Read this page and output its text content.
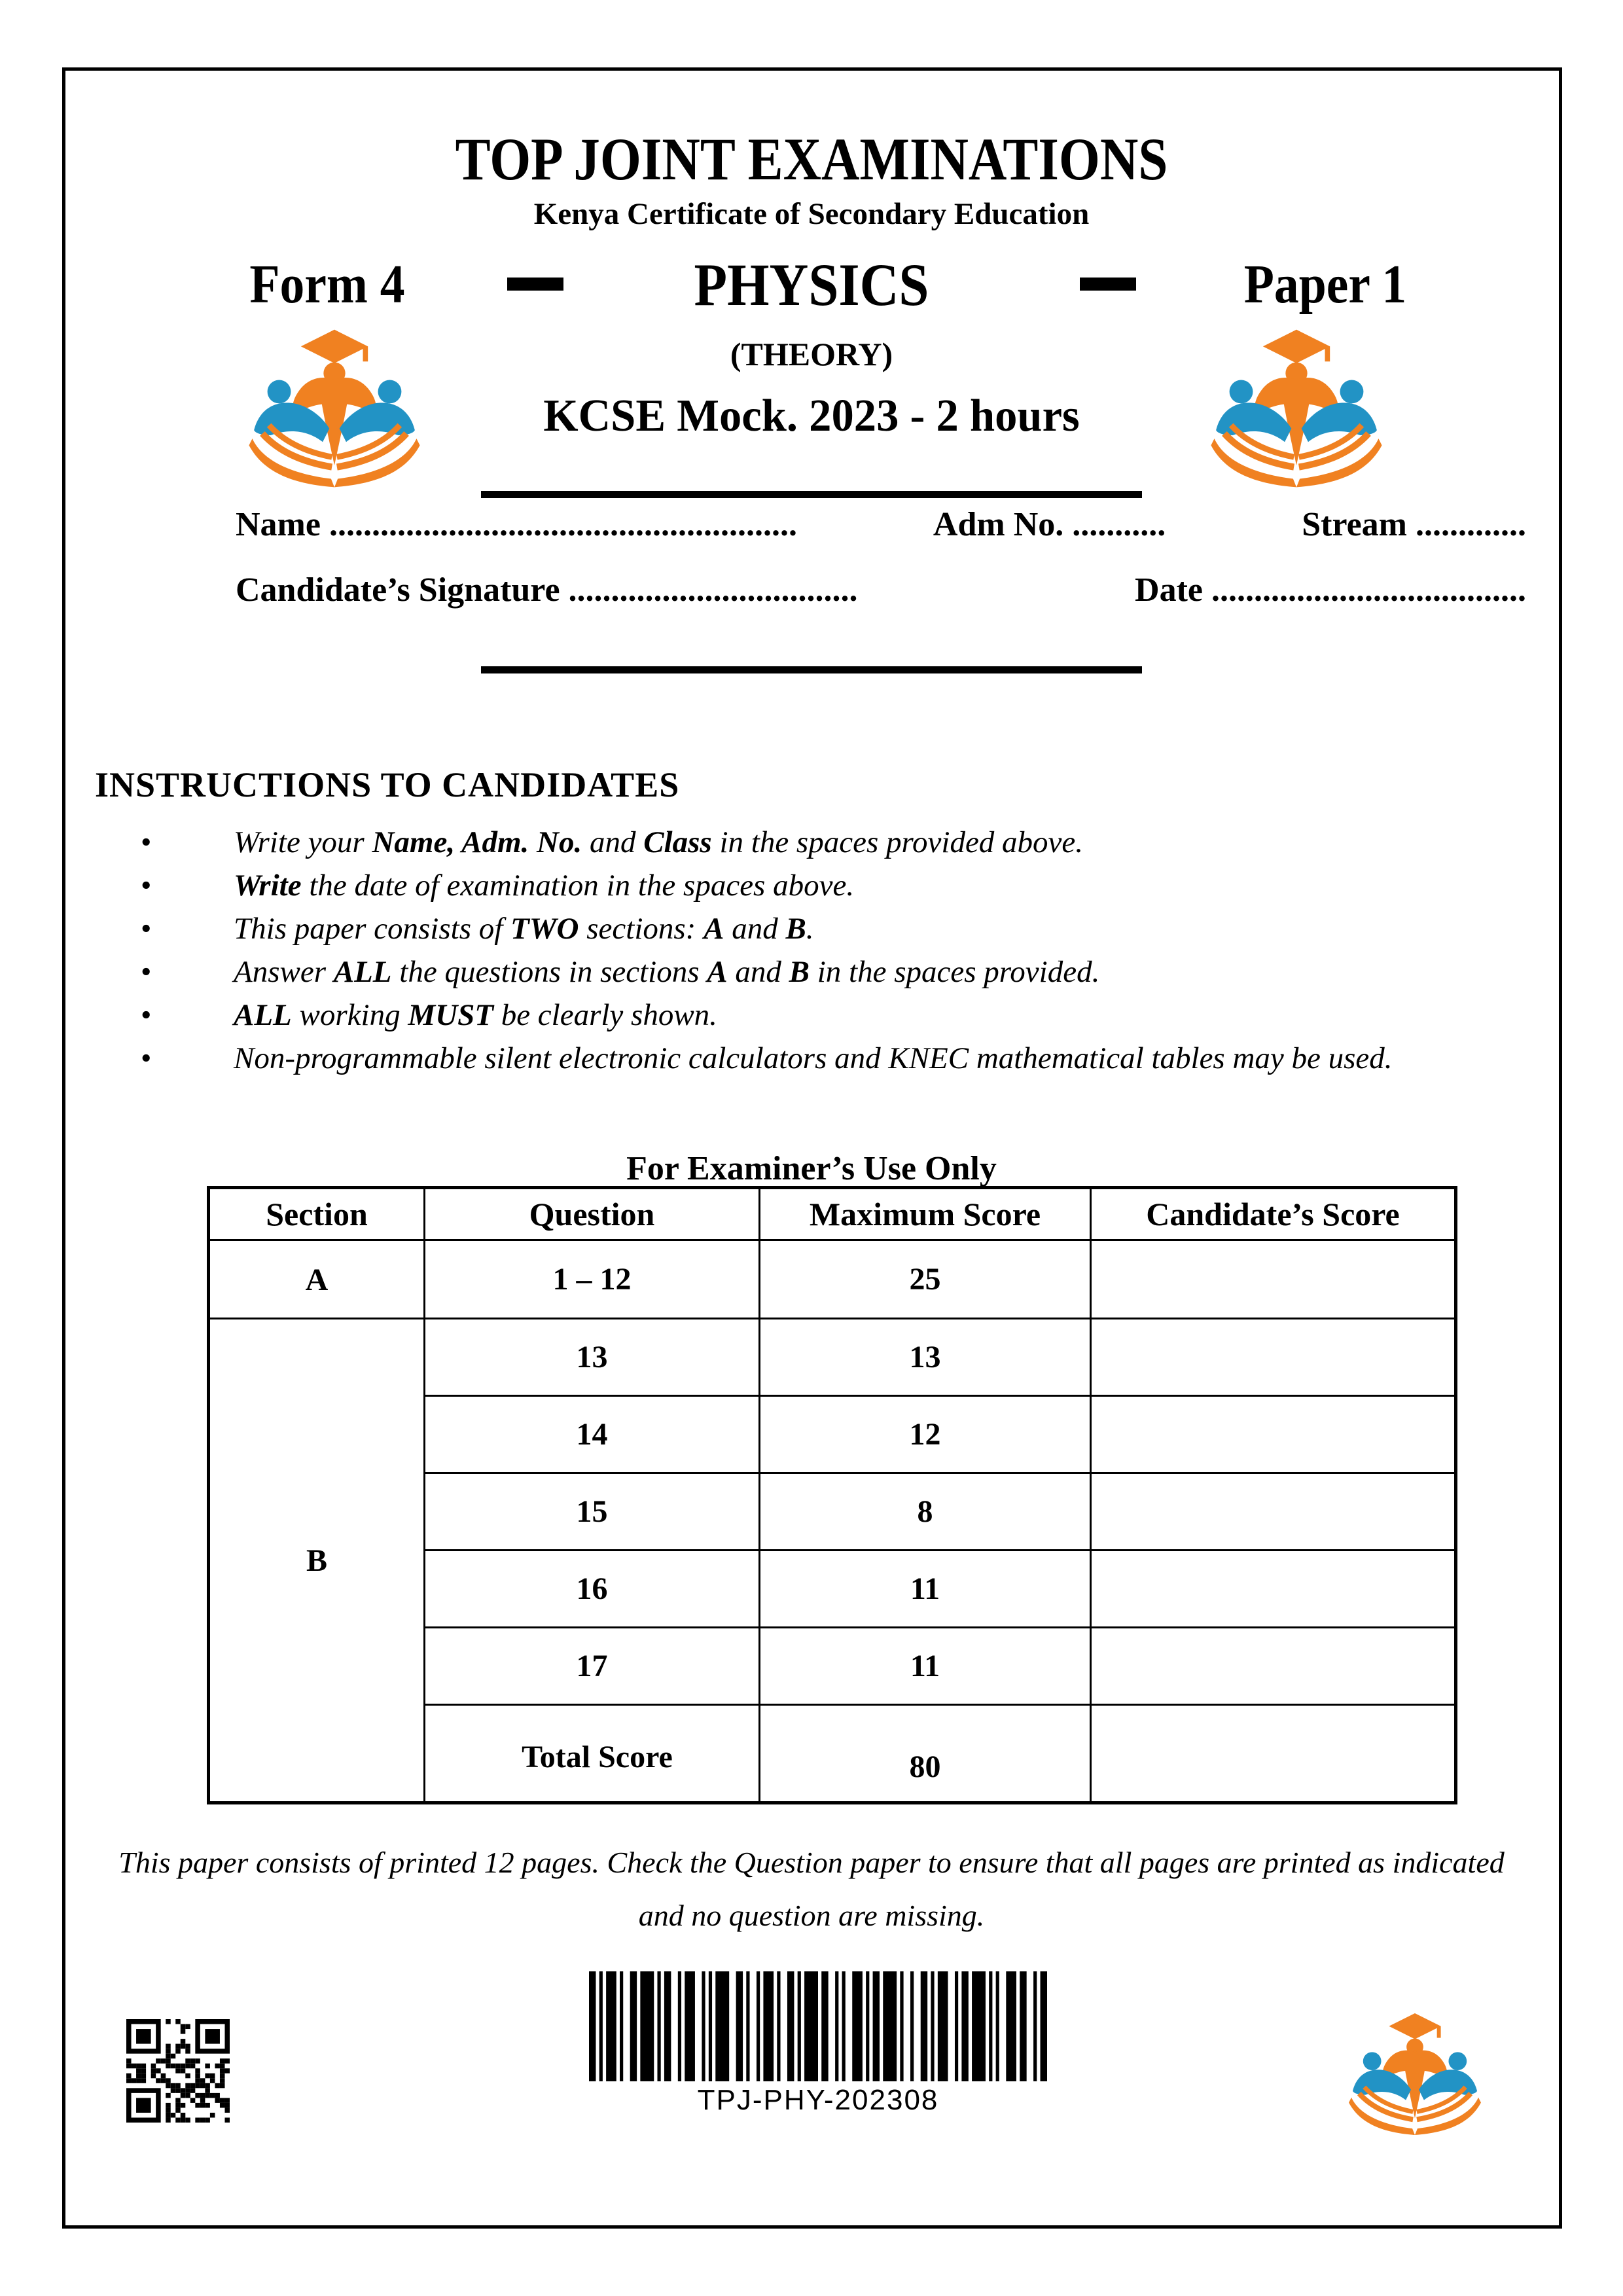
TOP JOINT EXAMINATIONS
Kenya Certificate of Secondary Education
Form 4	Paper 1
PHYSICS
(THEORY)
KCSE Mock. 2023 - 2 hours
Name .......................................................	Adm No. ...........	Stream .............
Candidate’s Signature ..................................	Date .....................................
INSTRUCTIONS TO CANDIDATES
• Write your Name, Adm. No. and Class in the spaces provided above.
• Write the date of examination in the spaces above.
• This paper consists of TWO sections: A and B.
• Answer ALL the questions in sections A and B in the spaces provided.
• ALL working MUST be clearly shown.
• Non-programmable silent electronic calculators and KNEC mathematical tables may be used.
For Examiner’s Use Only
Section	Question	Maximum Score	Candidate’s Score
A	1 – 12	25	
B	13	13	
	14	12	
	15	8	
	16	11	
	17	11	
	Total Score	80	
This paper consists of printed 12 pages. Check the Question paper to ensure that all pages are printed as indicated
and no question are missing.
TPJ-PHY-202308
